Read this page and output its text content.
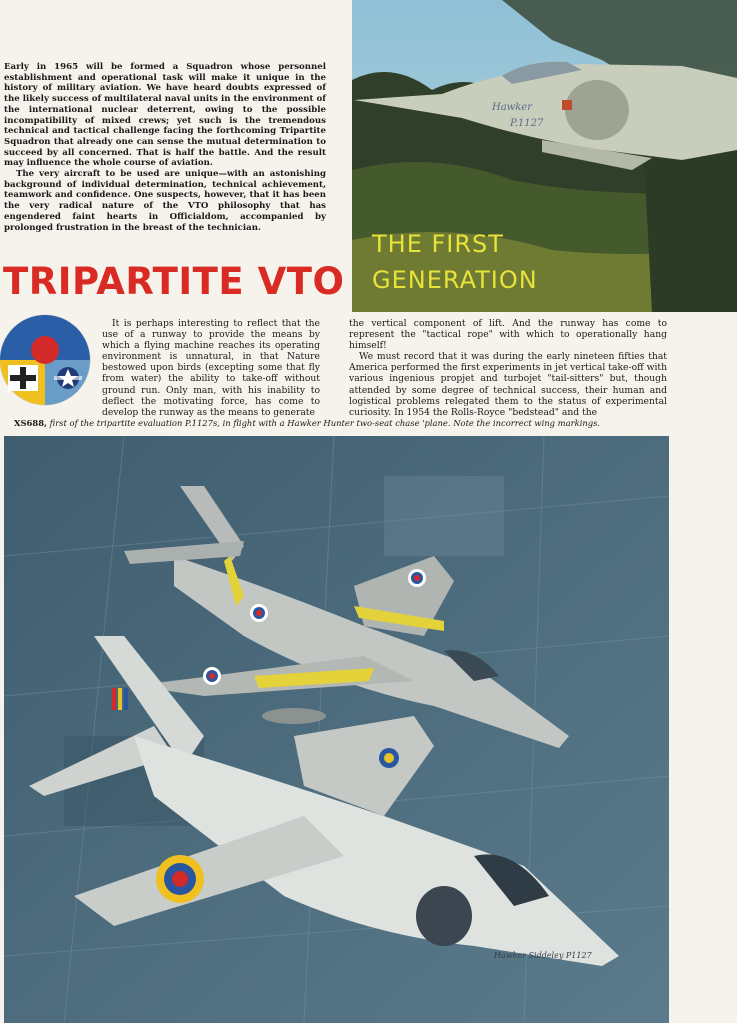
Early in 1965 will be formed a Squadron whose personnel establishment and operational task will make it unique in the history of military aviation. We have heard doubts expressed of the likely success of multilateral naval units in the environment of the international nuclear deterrent, owing to the possible incompatibility of mixed crews; yet such is the tremendous technical and tactical challenge facing the forthcoming Tripartite Squadron that already one can sense the mutual determination to succeed by all concerned. That is half the battle. And the result may influence the whole course of aviation.

The very aircraft to be used are unique—with an astonishing background of individual determination, technical achievement, teamwork and confidence. One suspects, however, that it has been the very radical nature of the VTO philosophy that has engendered faint hearts in Officialdom, accompanied by prolonged frustration in the breast of the technician.

Hawker
P.1127
THE FIRST
GENERATION
TRIPARTITE VTO

It is perhaps interesting to reflect that the use of a runway to provide the means by which a flying machine reaches its operating environment is unnatural, in that Nature bestowed upon birds (excepting some that fly from water) the ability to take-off without ground run. Only man, with his inability to deflect the motivating force, has come to develop the runway as the means to generate

the vertical component of lift. And the runway has come to represent the "tactical rope" with which to operationally hang himself!

We must record that it was during the early nineteen fifties that America performed the first experiments in jet vertical take-off with various ingenious propjet and turbojet "tail-sitters" but, though attended by some degree of technical success, their human and logistical problems relegated them to the status of experimental curiosity. In 1954 the Rolls-Royce "bedstead" and the

XS688, first of the tripartite evaluation P.1127s, in flight with a Hawker Hunter two-seat chase 'plane. Note the incorrect wing markings.
Hawker Siddeley P1127
